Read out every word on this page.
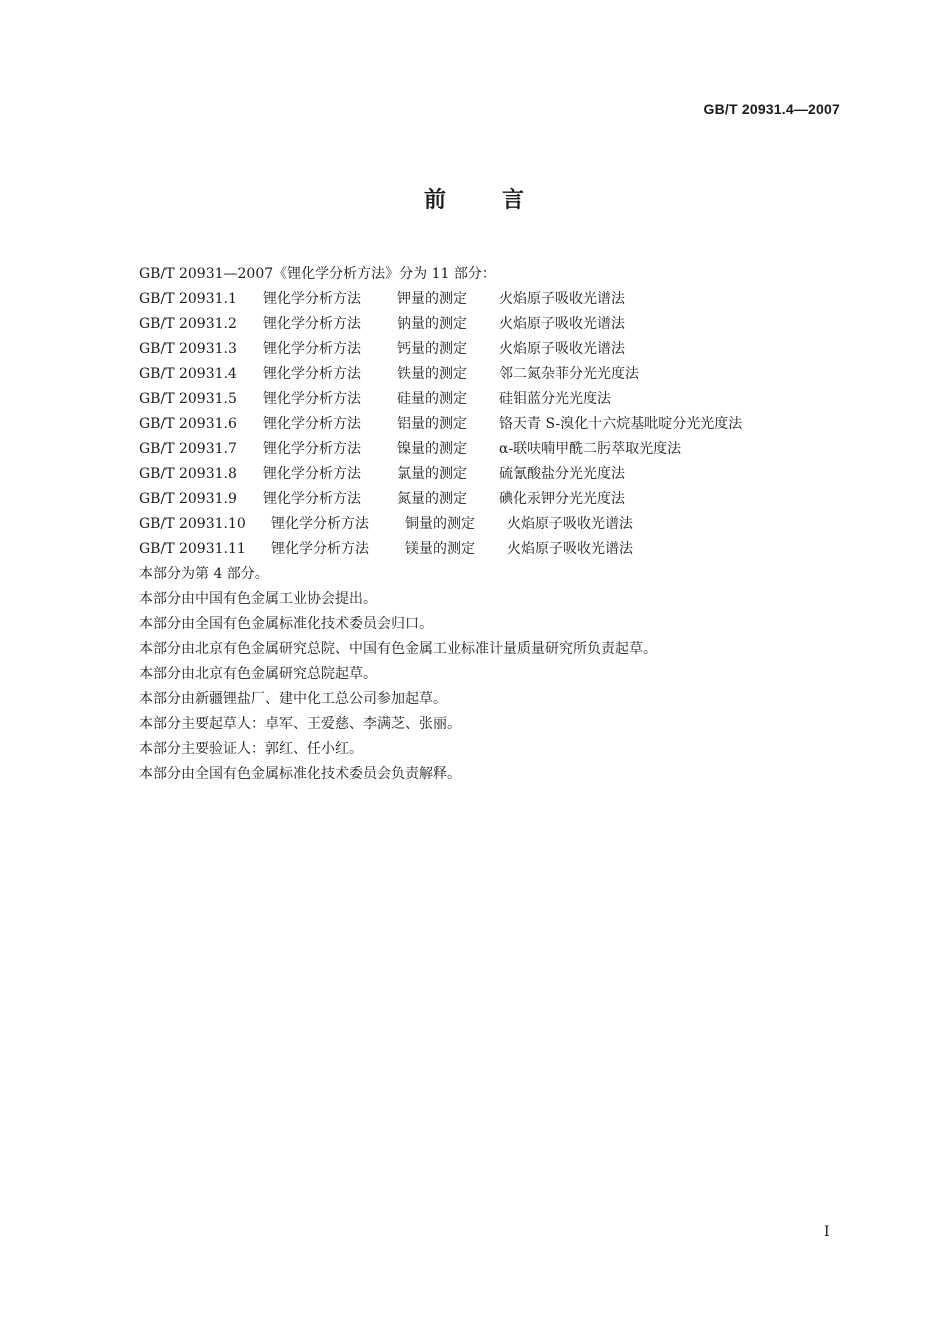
GB/T 20931.4—2007
前 言
GB/T 20931—2007《锂化学分析方法》分为 11 部分：
GB/T 20931.1 锂化学分析方法	钾量的测定 火焰原子吸收光谱法
GB/T 20931.2 锂化学分析方法	钠量的测定 火焰原子吸收光谱法
GB/T 20931.3 锂化学分析方法	钙量的测定 火焰原子吸收光谱法
GB/T 20931.4 锂化学分析方法	铁量的测定 邻二氮杂菲分光光度法
GB/T 20931.5 锂化学分析方法	硅量的测定 硅钼蓝分光光度法
GB/T 20931.6 锂化学分析方法	铝量的测定 铬天青 S-溴化十六烷基吡啶分光光度法
GB/T 20931.7 锂化学分析方法	镍量的测定 α-联呋喃甲酰二肟萃取光度法
GB/T 20931.8 锂化学分析方法	氯量的测定 硫氰酸盐分光光度法
GB/T 20931.9 锂化学分析方法	氮量的测定 碘化汞钾分光光度法
GB/T 20931.10 锂化学分析方法	铜量的测定 火焰原子吸收光谱法
GB/T 20931.11 锂化学分析方法	镁量的测定 火焰原子吸收光谱法
本部分为第 4 部分。
本部分由中国有色金属工业协会提出。
本部分由全国有色金属标准化技术委员会归口。
本部分由北京有色金属研究总院、中国有色金属工业标准计量质量研究所负责起草。
本部分由北京有色金属研究总院起草。
本部分由新疆锂盐厂、建中化工总公司参加起草。
本部分主要起草人：卓军、王爱慈、李满芝、张丽。
本部分主要验证人：郭红、任小红。
本部分由全国有色金属标准化技术委员会负责解释。
I
